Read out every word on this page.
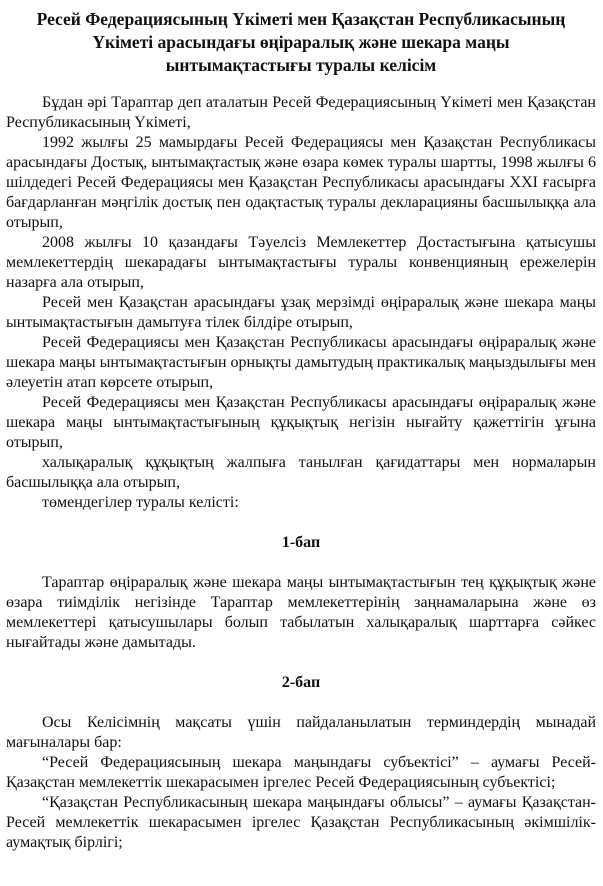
Ресей Федерациясының Үкіметі мен Қазақстан Республикасының Үкіметі арасындағы өңіраралық және шекара маңы ынтымақтастығы туралы келісім

Бұдан әрі Тараптар деп аталатын Ресей Федерациясының Үкіметі мен Қазақстан Республикасының Үкіметі,

1992 жылғы 25 мамырдағы Ресей Федерациясы мен Қазақстан Республикасы арасындағы Достық, ынтымақтастық және өзара көмек туралы шартты, 1998 жылғы 6 шілдедегі Ресей Федерациясы мен Қазақстан Республикасы арасындағы XXI ғасырға бағдарланған мәңгілік достық пен одақтастық туралы декларацияны басшылыққа ала отырып,

2008 жылғы 10 қазандағы Тәуелсіз Мемлекеттер Достастығына қатысушы мемлекеттердің шекарадағы ынтымақтастығы туралы конвенцияның ережелерін назарға ала отырып,

Ресей мен Қазақстан арасындағы ұзақ мерзімді өңіраралық және шекара маңы ынтымақтастығын дамытуға тілек білдіре отырып,

Ресей Федерациясы мен Қазақстан Республикасы арасындағы өңіраралық және шекара маңы ынтымақтастығын орнықты дамытудың практикалық маңыздылығы мен әлеуетін атап көрсете отырып,

Ресей Федерациясы мен Қазақстан Республикасы арасындағы өңіраралық және шекара маңы ынтымақтастығының құқықтық негізін нығайту қажеттігін ұғына отырып,

халықаралық құқықтың жалпыға танылған қағидаттары мен нормаларын басшылыққа ала отырып,

төмендегілер туралы келісті:

1-бап

Тараптар өңіраралық және шекара маңы ынтымақтастығын тең құқықтық және өзара тиімділік негізінде Тараптар мемлекеттерінің заңнамаларына және өз мемлекеттері қатысушылары болып табылатын халықаралық шарттарға сәйкес нығайтады және дамытады.

2-бап

Осы Келісімнің мақсаты үшін пайдаланылатын терминдердің мынадай мағыналары бар:

“Ресей Федерациясының шекара маңындағы субъектісі” – аумағы Ресей-Қазақстан мемлекеттік шекарасымен іргелес Ресей Федерациясының субъектісі;

“Қазақстан Республикасының шекара маңындағы облысы” – аумағы Қазақстан-Ресей мемлекеттік шекарасымен іргелес Қазақстан Республикасының әкімшілік-аумақтық бірлігі;
